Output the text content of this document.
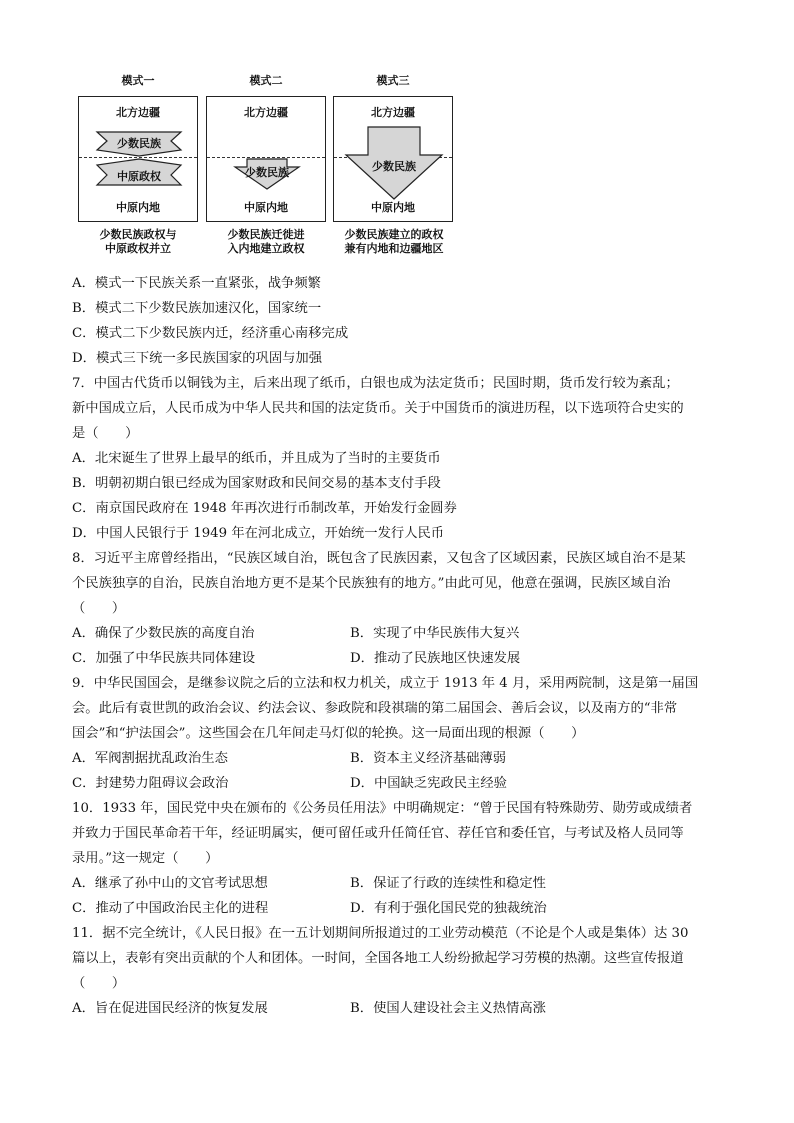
模式一
北方边疆
少数民族
中原政权
中原内地
少数民族政权与
中原政权并立
模式二
北方边疆
少数民族
中原内地
少数民族迁徙进
入内地建立政权
模式三
北方边疆
少数民族
中原内地
少数民族建立的政权
兼有内地和边疆地区
A．模式一下民族关系一直紧张，战争频繁
B．模式二下少数民族加速汉化，国家统一
C．模式二下少数民族内迁，经济重心南移完成
D．模式三下统一多民族国家的巩固与加强
7．中国古代货币以铜钱为主，后来出现了纸币，白银也成为法定货币；民国时期，货币发行较为紊乱；
新中国成立后，人民币成为中华人民共和国的法定货币。关于中国货币的演进历程，以下选项符合史实的
是（　　）
A．北宋诞生了世界上最早的纸币，并且成为了当时的主要货币
B．明朝初期白银已经成为国家财政和民间交易的基本支付手段
C．南京国民政府在 1948 年再次进行币制改革，开始发行金圆券
D．中国人民银行于 1949 年在河北成立，开始统一发行人民币
8．习近平主席曾经指出，“民族区域自治，既包含了民族因素，又包含了区域因素，民族区域自治不是某
个民族独享的自治，民族自治地方更不是某个民族独有的地方。”由此可见，他意在强调，民族区域自治
（　　）
A．确保了少数民族的高度自治	B．实现了中华民族伟大复兴
C．加强了中华民族共同体建设	D．推动了民族地区快速发展
9．中华民国国会，是继参议院之后的立法和权力机关，成立于 1913 年 4 月，采用两院制，这是第一届国
会。此后有袁世凯的政治会议、约法会议、参政院和段祺瑞的第二届国会、善后会议，以及南方的“非常
国会”和“护法国会”。这些国会在几年间走马灯似的轮换。这一局面出现的根源（　　）
A．军阀割据扰乱政治生态	B．资本主义经济基础薄弱
C．封建势力阻碍议会政治	D．中国缺乏宪政民主经验
10．1933 年，国民党中央在颁布的《公务员任用法》中明确规定：“曾于民国有特殊勋劳、勋劳或成绩者
并致力于国民革命若干年，经证明属实，便可留任或升任简任官、荐任官和委任官，与考试及格人员同等
录用。”这一规定（　　）
A．继承了孙中山的文官考试思想	B．保证了行政的连续性和稳定性
C．推动了中国政治民主化的进程	D．有利于强化国民党的独裁统治
11．据不完全统计，《人民日报》在一五计划期间所报道过的工业劳动模范（不论是个人或是集体）达 30
篇以上，表彰有突出贡献的个人和团体。一时间，全国各地工人纷纷掀起学习劳模的热潮。这些宣传报道
（　　）
A．旨在促进国民经济的恢复发展	B．使国人建设社会主义热情高涨
